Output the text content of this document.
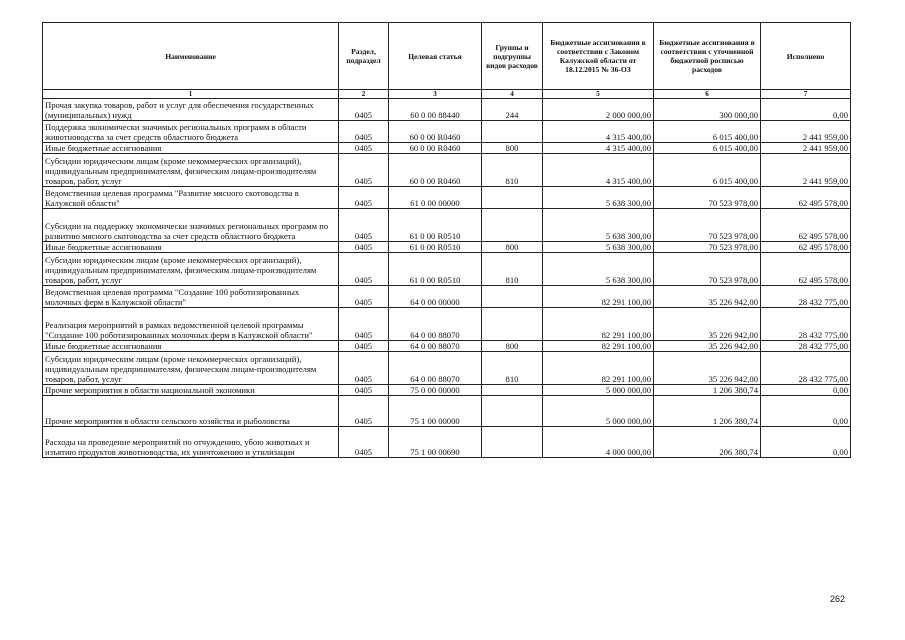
Наименование	Раздел, подраздел	Целевая статья	Группы и подгруппы видов расходов	Бюджетные ассигнования в соответствии с Законом Калужской области от 18.12.2015 № 36-ОЗ	Бюджетные ассигнования в соответствии с уточненной бюджетной росписью расходов	Исполнено
1	2	3	4	5	6	7
Прочая закупка товаров, работ и услуг для обеспечения государственных (муниципальных) нужд	0405	60 0 00 88440	244	2 000 000,00	300 000,00	0,00
Поддержка экономически значимых региональных программ в области животноводства за счет средств областного бюджета	0405	60 0 00 R0460		4 315 400,00	6 015 400,00	2 441 959,00
Иные бюджетные ассигнования	0405	60 0 00 R0460	800	4 315 400,00	6 015 400,00	2 441 959,00
Субсидии юридическим лицам (кроме некоммерческих организаций), индивидуальным предпринимателям, физическим лицам-производителям товаров, работ, услуг	0405	60 0 00 R0460	810	4 315 400,00	6 015 400,00	2 441 959,00
Ведомственная целевая программа "Развитие мясного скотоводства в Калужской области"	0405	61 0 00 00000		5 638 300,00	70 523 978,00	62 495 578,00
Субсидии на поддержку экономически значимых региональных программ по развитию мясного скотоводства за счет средств областного бюджета	0405	61 0 00 R0510		5 638 300,00	70 523 978,00	62 495 578,00
Иные бюджетные ассигнования	0405	61 0 00 R0510	800	5 638 300,00	70 523 978,00	62 495 578,00
Субсидии юридическим лицам (кроме некоммерческих организаций), индивидуальным предпринимателям, физическим лицам-производителям товаров, работ, услуг	0405	61 0 00 R0510	810	5 638 300,00	70 523 978,00	62 495 578,00
Ведомственная целевая программа "Создание 100 роботизированных молочных ферм в Калужской области"	0405	64 0 00 00000		82 291 100,00	35 226 942,00	28 432 775,00
Реализация мероприятий в рамках ведомственной целевой программы "Создание 100 роботизированных молочных ферм в Калужской области"	0405	64 0 00 88070		82 291 100,00	35 226 942,00	28 432 775,00
Иные бюджетные ассигнования	0405	64 0 00 88070	800	82 291 100,00	35 226 942,00	28 432 775,00
Субсидии юридическим лицам (кроме некоммерческих организаций), индивидуальным предпринимателям, физическим лицам-производителям товаров, работ, услуг	0405	64 0 00 88070	810	82 291 100,00	35 226 942,00	28 432 775,00
Прочие мероприятия в области национальной экономики	0405	75 0 00 00000		5 000 000,00	1 206 380,74	0,00
Прочие мероприятия в области сельского хозяйства и рыболовства	0405	75 1 00 00000		5 000 000,00	1 206 380,74	0,00
Расходы на проведение мероприятий по отчуждению, убою животных и изъятию продуктов животноводства, их уничтожению и утилизации	0405	75 1 00 00690		4 000 000,00	206 380,74	0,00
262
